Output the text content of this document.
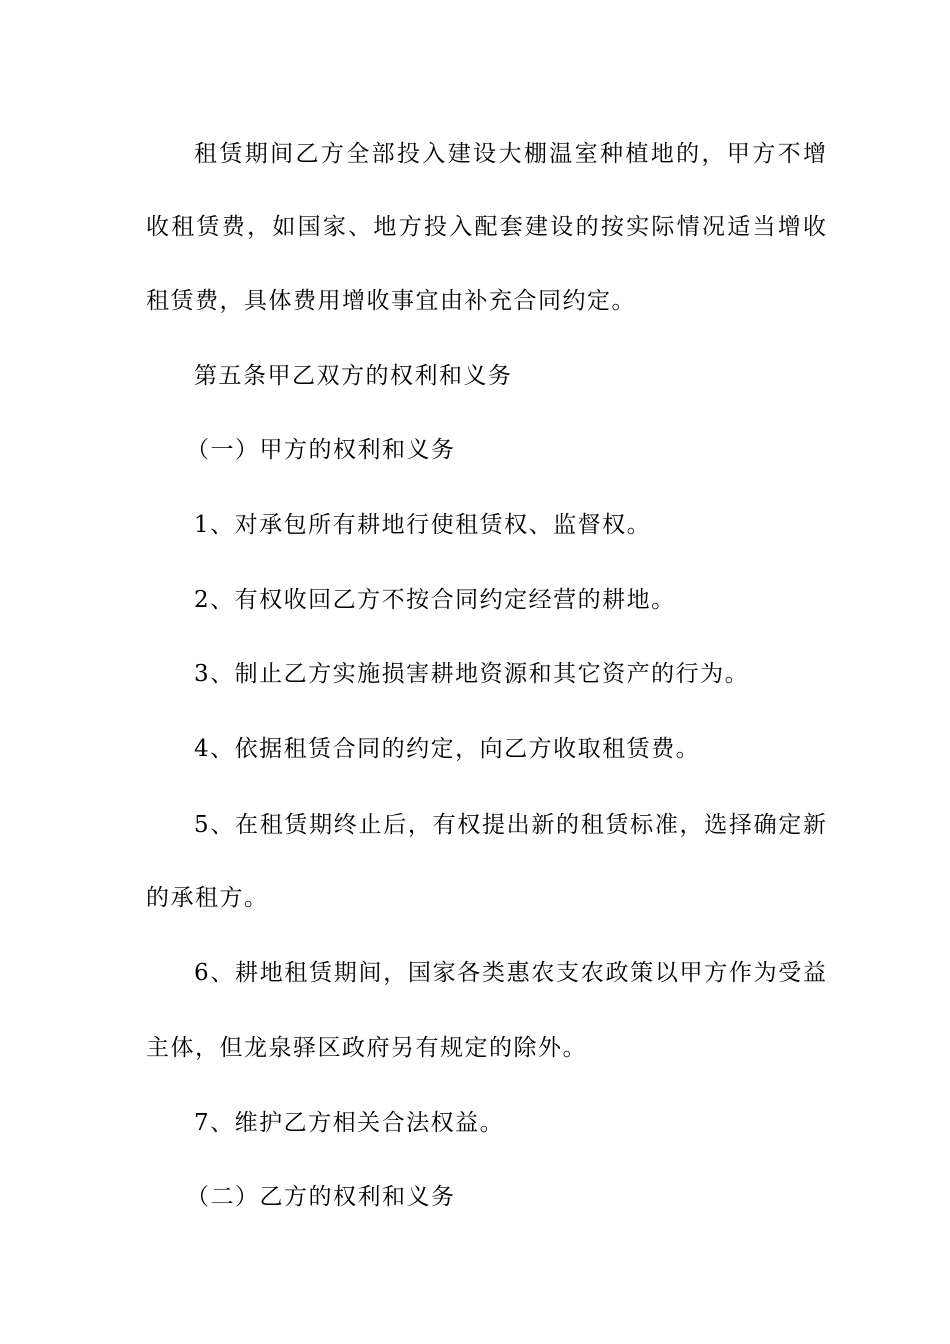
租赁期间乙方全部投入建设大棚温室种植地的，甲方不增
收租赁费，如国家、地方投入配套建设的按实际情况适当增收
租赁费，具体费用增收事宜由补充合同约定。
第五条甲乙双方的权利和义务
（一）甲方的权利和义务
1、对承包所有耕地行使租赁权、监督权。
2、有权收回乙方不按合同约定经营的耕地。
3、制止乙方实施损害耕地资源和其它资产的行为。
4、依据租赁合同的约定，向乙方收取租赁费。
5、在租赁期终止后，有权提出新的租赁标准，选择确定新
的承租方。
6、耕地租赁期间，国家各类惠农支农政策以甲方作为受益
主体，但龙泉驿区政府另有规定的除外。
7、维护乙方相关合法权益。
（二）乙方的权利和义务
